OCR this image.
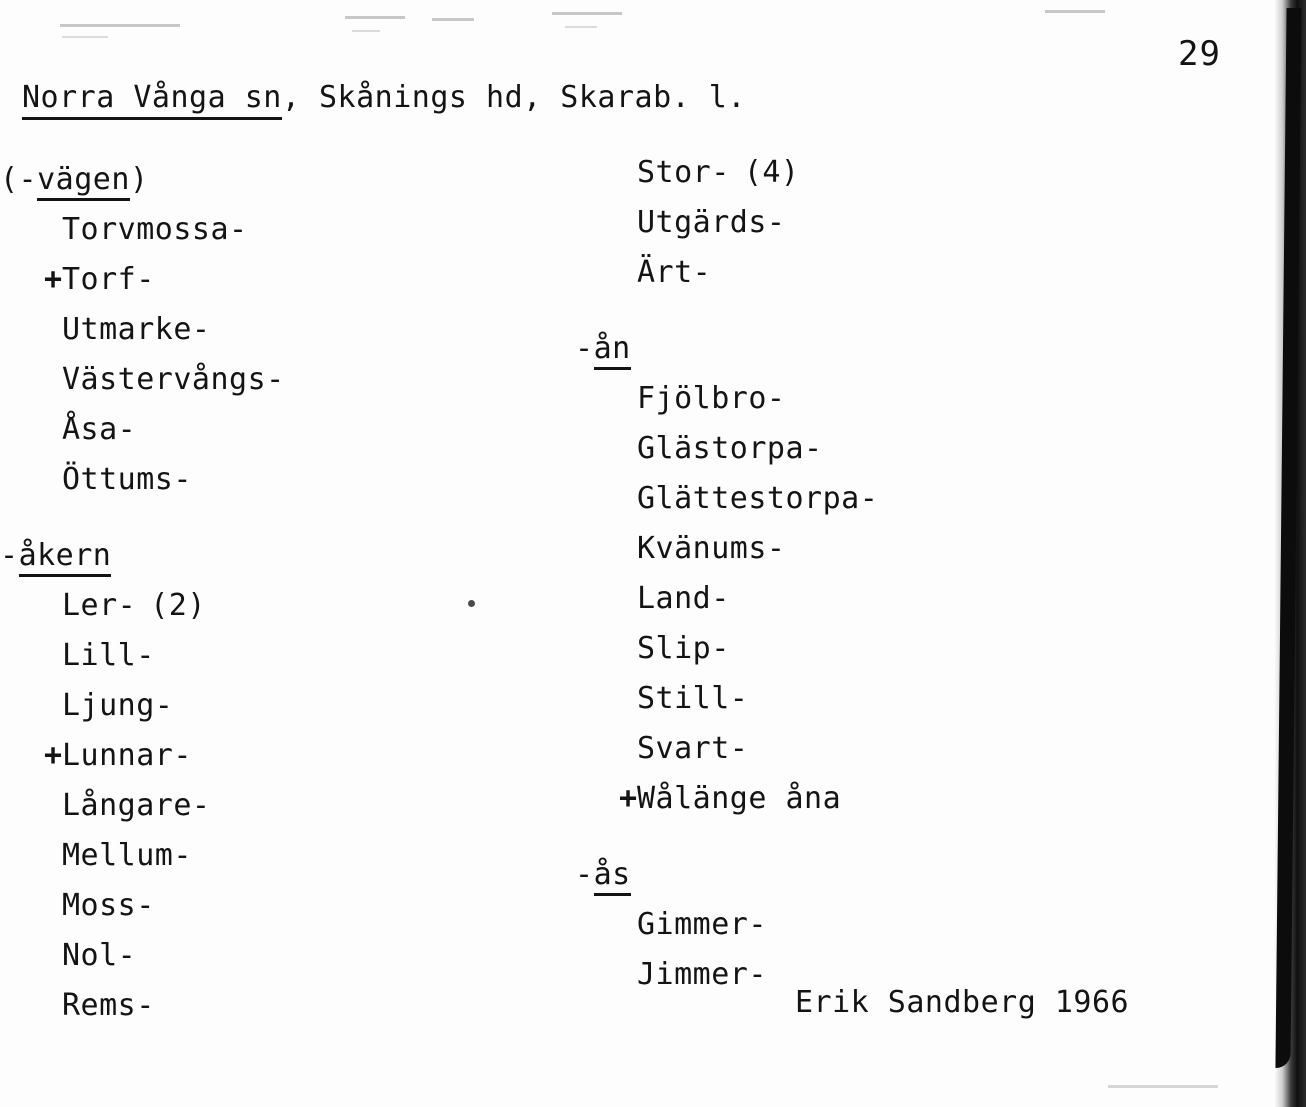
29
Norra Vånga sn, Skånings hd, Skarab. l.
(-vägen)
Torvmossa-
+ Torf-
Utmarke-
Västervångs-
Åsa-
Öttums-
-åkern
Ler- (2)
Lill-
Ljung-
+ Lunnar-
Långare-
Mellum-
Moss-
Nol-
Rems-
Stor- (4)
Utgärds-
Ärt-
-ån
Fjölbro-
Glästorpa-
Glättestorpa-
Kvänums-
Land-
Slip-
Still-
Svart-
+ Wålänge åna
-ås
Gimmer-
Jimmer-
Erik Sandberg 1966
